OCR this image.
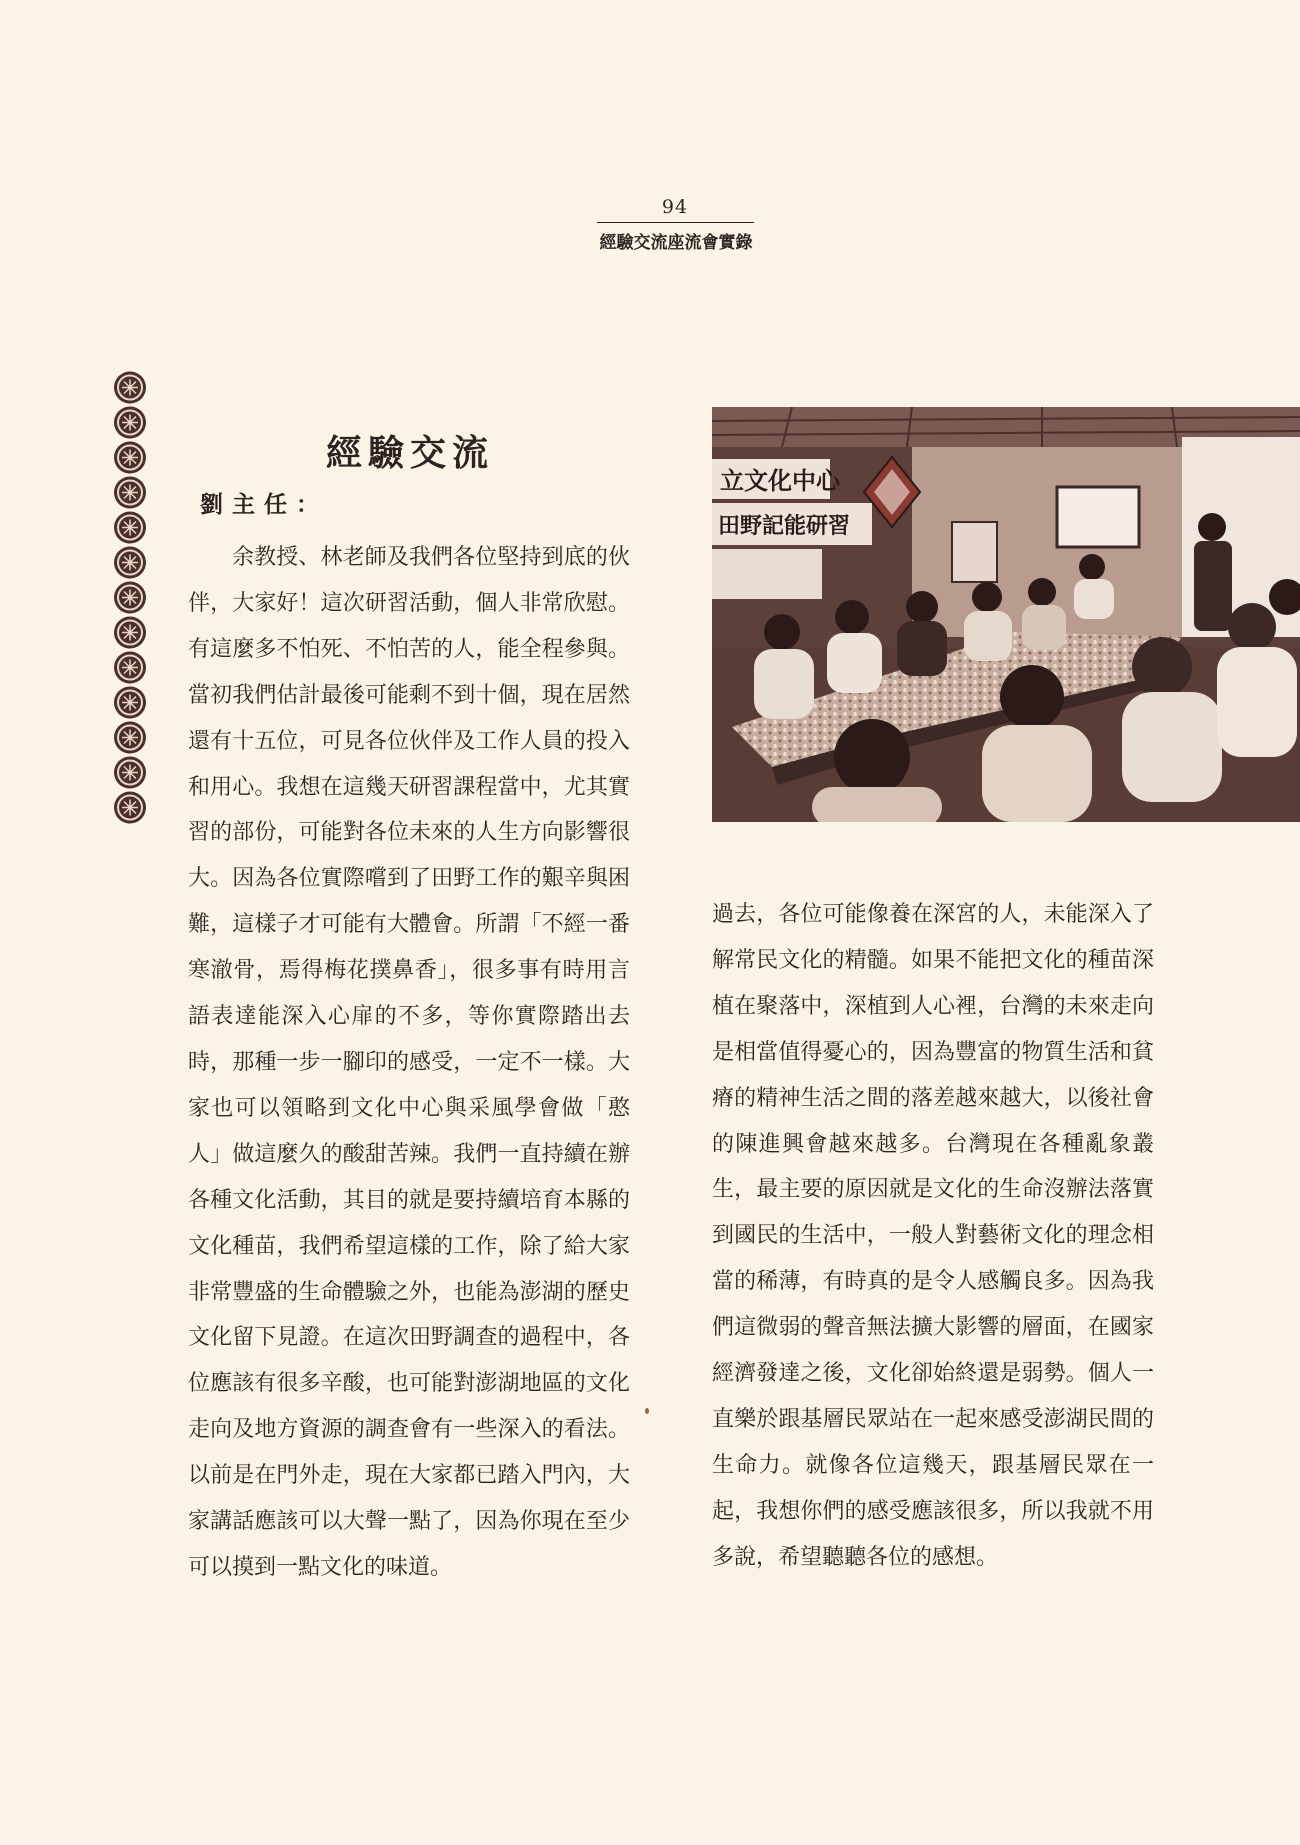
94
經驗交流座流會實錄
經驗交流
劉主任：
余教授、林老師及我們各位堅持到底的伙伴，大家好！這次研習活動，個人非常欣慰。有這麼多不怕死、不怕苦的人，能全程參與。當初我們估計最後可能剩不到十個，現在居然還有十五位，可見各位伙伴及工作人員的投入和用心。我想在這幾天研習課程當中，尤其實習的部份，可能對各位未來的人生方向影響很大。因為各位實際嚐到了田野工作的艱辛與困難，這樣子才可能有大體會。所謂「不經一番寒澈骨，焉得梅花撲鼻香」，很多事有時用言語表達能深入心扉的不多，等你實際踏出去時，那種一步一腳印的感受，一定不一樣。大家也可以領略到文化中心與采風學會做「憨人」做這麼久的酸甜苦辣。我們一直持續在辦各種文化活動，其目的就是要持續培育本縣的文化種苗，我們希望這樣的工作，除了給大家非常豐盛的生命體驗之外，也能為澎湖的歷史文化留下見證。在這次田野調查的過程中，各位應該有很多辛酸，也可能對澎湖地區的文化走向及地方資源的調查會有一些深入的看法。以前是在門外走，現在大家都已踏入門內，大家講話應該可以大聲一點了，因為你現在至少可以摸到一點文化的味道。
立文化中心
田野記能研習
過去，各位可能像養在深宮的人，未能深入了解常民文化的精髓。如果不能把文化的種苗深植在聚落中，深植到人心裡，台灣的未來走向是相當值得憂心的，因為豐富的物質生活和貧瘠的精神生活之間的落差越來越大，以後社會的陳進興會越來越多。台灣現在各種亂象叢生，最主要的原因就是文化的生命沒辦法落實到國民的生活中，一般人對藝術文化的理念相當的稀薄，有時真的是令人感觸良多。因為我們這微弱的聲音無法擴大影響的層面，在國家經濟發達之後，文化卻始終還是弱勢。個人一直樂於跟基層民眾站在一起來感受澎湖民間的生命力。就像各位這幾天，跟基層民眾在一起，我想你們的感受應該很多，所以我就不用多說，希望聽聽各位的感想。
